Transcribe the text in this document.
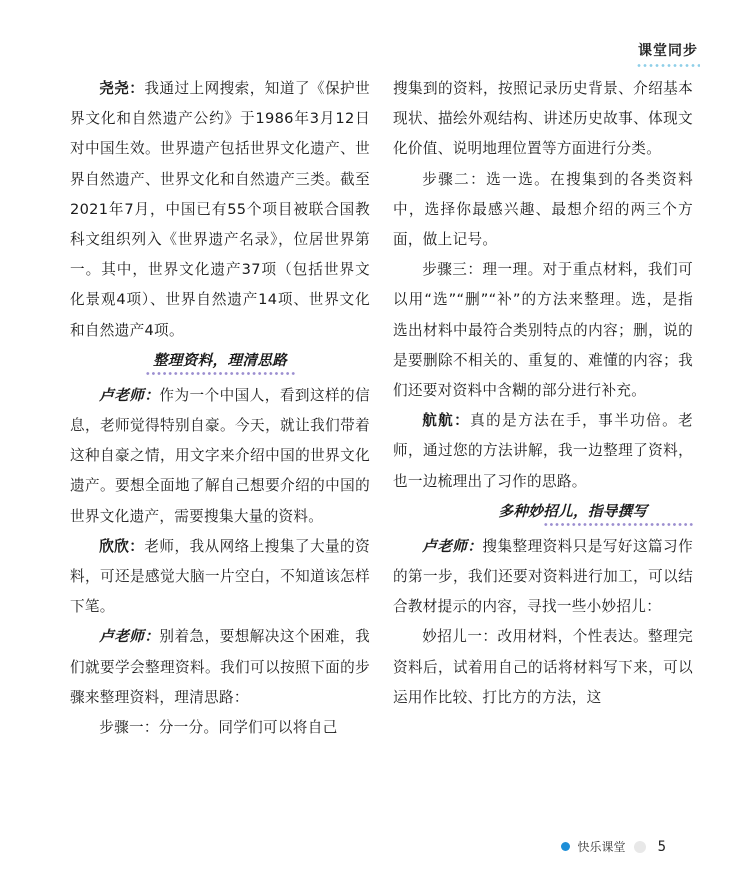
课堂同步

尧尧：我通过上网搜索，知道了《保护世界文化和自然遗产公约》于1986年3月12日对中国生效。世界遗产包括世界文化遗产、世界自然遗产、世界文化和自然遗产三类。截至2021年7月，中国已有55个项目被联合国教科文组织列入《世界遗产名录》，位居世界第一。其中，世界文化遗产37项（包括世界文化景观4项）、世界自然遗产14项、世界文化和自然遗产4项。

整理资料，理清思路

卢老师：作为一个中国人，看到这样的信息，老师觉得特别自豪。今天，就让我们带着这种自豪之情，用文字来介绍中国的世界文化遗产。要想全面地了解自己想要介绍的中国的世界文化遗产，需要搜集大量的资料。

欣欣：老师，我从网络上搜集了大量的资料，可还是感觉大脑一片空白，不知道该怎样下笔。

卢老师：别着急，要想解决这个困难，我们就要学会整理资料。我们可以按照下面的步骤来整理资料，理清思路：

步骤一：分一分。同学们可以将自己

搜集到的资料，按照记录历史背景、介绍基本现状、描绘外观结构、讲述历史故事、体现文化价值、说明地理位置等方面进行分类。

步骤二：选一选。在搜集到的各类资料中，选择你最感兴趣、最想介绍的两三个方面，做上记号。

步骤三：理一理。对于重点材料，我们可以用“选”“删”“补”的方法来整理。选，是指选出材料中最符合类别特点的内容；删，说的是要删除不相关的、重复的、难懂的内容；我们还要对资料中含糊的部分进行补充。

航航：真的是方法在手，事半功倍。老师，通过您的方法讲解，我一边整理了资料，也一边梳理出了习作的思路。

多种妙招儿，指导撰写

卢老师：搜集整理资料只是写好这篇习作的第一步，我们还要对资料进行加工，可以结合教材提示的内容，寻找一些小妙招儿：

妙招儿一：改用材料，个性表达。整理完资料后，试着用自己的话将材料写下来，可以运用作比较、打比方的方法，这

快乐课堂 5
